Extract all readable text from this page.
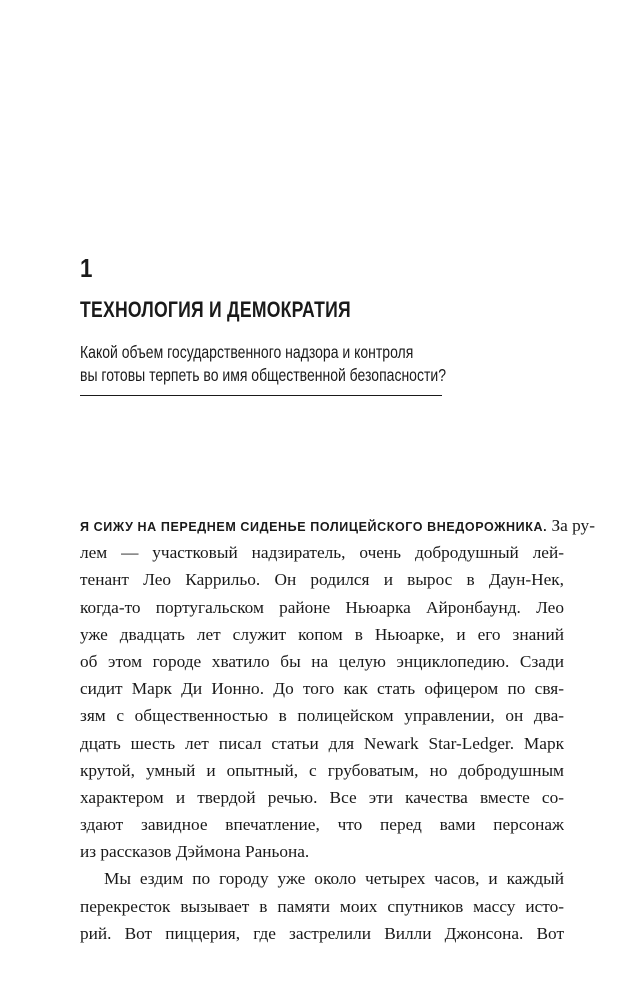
1
ТЕХНОЛОГИЯ И ДЕМОКРАТИЯ
Какой объем государственного надзора и контроля
вы готовы терпеть во имя общественной безопасности?
Я СИЖУ НА ПЕРЕДНЕМ СИДЕНЬЕ ПОЛИЦЕЙСКОГО ВНЕДОРОЖНИКА. За ру-
лем — участковый надзиратель, очень добродушный лей-
тенант Лео Каррильо. Он родился и вырос в Даун-Нек,
когда-то португальском районе Ньюарка Айронбаунд. Лео
уже двадцать лет служит копом в Ньюарке, и его знаний
об этом городе хватило бы на целую энциклопедию. Сзади
сидит Марк Ди Ионно. До того как стать офицером по свя-
зям с общественностью в полицейском управлении, он два-
дцать шесть лет писал статьи для Newark Star-Ledger. Марк
крутой, умный и опытный, с грубоватым, но добродушным
характером и твердой речью. Все эти качества вместе со-
здают завидное впечатление, что перед вами персонаж
из рассказов Дэймона Раньона.
Мы ездим по городу уже около четырех часов, и каждый
перекресток вызывает в памяти моих спутников массу исто-
рий. Вот пиццерия, где застрелили Вилли Джонсона. Вот
